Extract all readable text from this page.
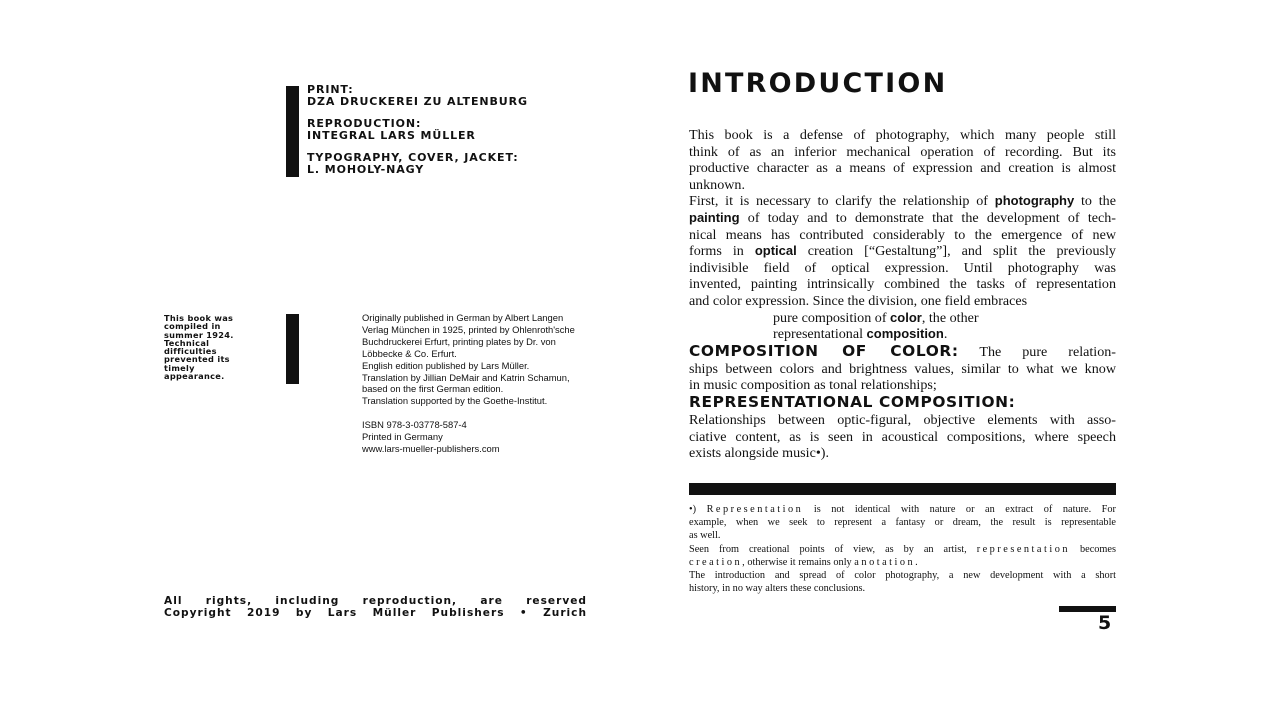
PRINT:
DZA DRUCKEREI ZU ALTENBURG
REPRODUCTION:
INTEGRAL LARS MÜLLER
TYPOGRAPHY, COVER, JACKET:
L. MOHOLY-NAGY
This book was
compiled in
summer 1924.
Technical
difficulties
prevented its
timely
appearance.
Originally published in German by Albert Langen
Verlag München in 1925, printed by Ohlenroth'sche
Buchdruckerei Erfurt, printing plates by Dr. von
Löbbecke & Co. Erfurt.
English edition published by Lars Müller.
Translation by Jillian DeMair and Katrin Schamun,
based on the first German edition.
Translation supported by the Goethe-Institut.
ISBN 978-3-03778-587-4
Printed in Germany
www.lars-mueller-publishers.com
All rights, including reproduction, are reserved
Copyright 2019 by Lars Müller Publishers • Zurich
INTRODUCTION
This book is a defense of photography, which many people still
think of as an inferior mechanical operation of recording. But its
productive character as a means of expression and creation is almost
unknown.
First, it is necessary to clarify the relationship of photography to the
painting of today and to demonstrate that the development of tech-
nical means has contributed considerably to the emergence of new
forms in optical creation [“Gestaltung”], and split the previously
indivisible field of optical expression. Until photography was
invented, painting intrinsically combined the tasks of representation
and color expression. Since the division, one field embraces
pure composition of color, the other
representational composition.
COMPOSITION OF COLOR: The pure relation-
ships between colors and brightness values, similar to what we know
in music composition as tonal relationships;
REPRESENTATIONAL COMPOSITION:
Relationships between optic-figural, objective elements with asso-
ciative content, as is seen in acoustical compositions, where speech
exists alongside music•).
•) Representation is not identical with nature or an extract of nature. For
example, when we seek to represent a fantasy or dream, the result is representable
as well.
Seen from creational points of view, as by an artist, representation becomes
creation, otherwise it remains only a notation.
The introduction and spread of color photography, a new development with a short
history, in no way alters these conclusions.
5
